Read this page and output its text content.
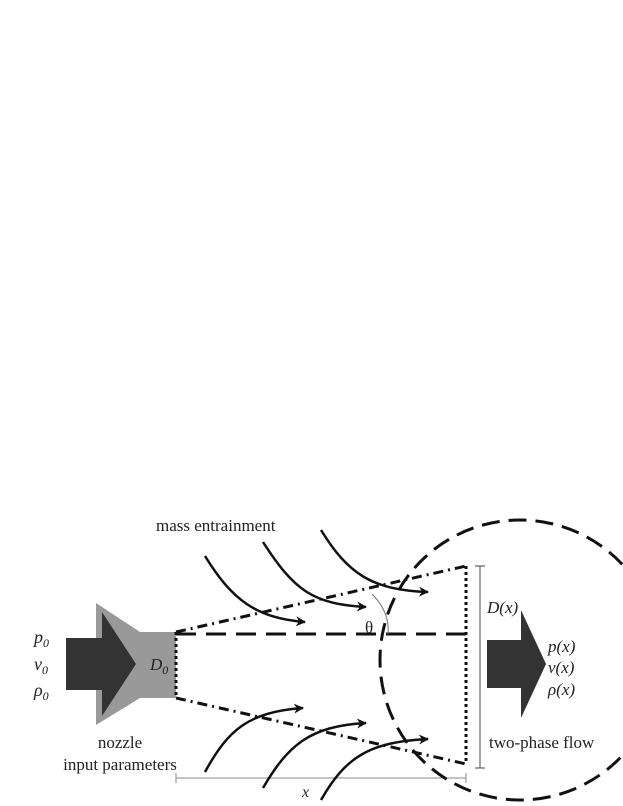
mass entrainment
θ
$D_0$
$p_0$
$v_0$
$\rho_0$
nozzle
input parameters
D(x)
p(x)
v(x)
ρ(x)
two-phase flow
x
